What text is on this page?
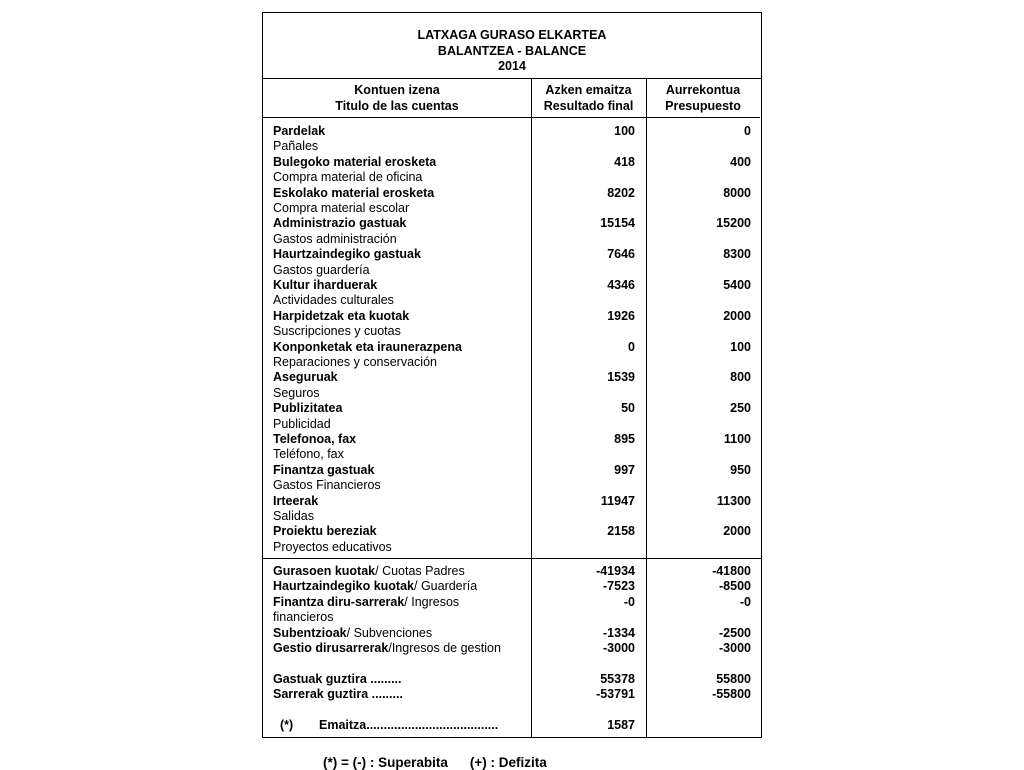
LATXAGA GURASO ELKARTEA
BALANTZEA - BALANCE
2014
Kontuen izena
Titulo de las cuentas
Azken emaitza
Resultado final
Aurrekontua
Presupuesto
Pardelak	100	0
Pañales
Bulegoko material erosketa	418	400
Compra material de oficina
Eskolako material erosketa	8202	8000
Compra material escolar
Administrazio gastuak	15154	15200
Gastos administración
Haurtzaindegiko gastuak	7646	8300
Gastos guardería
Kultur iharduerak	4346	5400
Actividades culturales
Harpidetzak eta kuotak	1926	2000
Suscripciones y cuotas
Konponketak eta iraunerazpena	0	100
Reparaciones y conservación
Aseguruak	1539	800
Seguros
Publizitatea	50	250
Publicidad
Telefonoa, fax	895	1100
Teléfono, fax
Finantza gastuak	997	950
Gastos Financieros
Irteerak	11947	11300
Salidas
Proiektu bereziak	2158	2000
Proyectos educativos
Gurasoen kuotak/ Cuotas Padres	-41934	-41800
Haurtzaindegiko kuotak/ Guardería	-7523	-8500
Finantza diru-sarrerak/ Ingresos	-0	-0
financieros
Subentzioak/ Subvenciones	-1334	-2500
Gestio dirusarrerak/Ingresos de gestion	-3000	-3000
Gastuak guztira .........	55378	55800
Sarrerak guztira .........	-53791	-55800
(*) Emaitza......................................	1587
(*) = (-) : Superabita (+) : Defizita
